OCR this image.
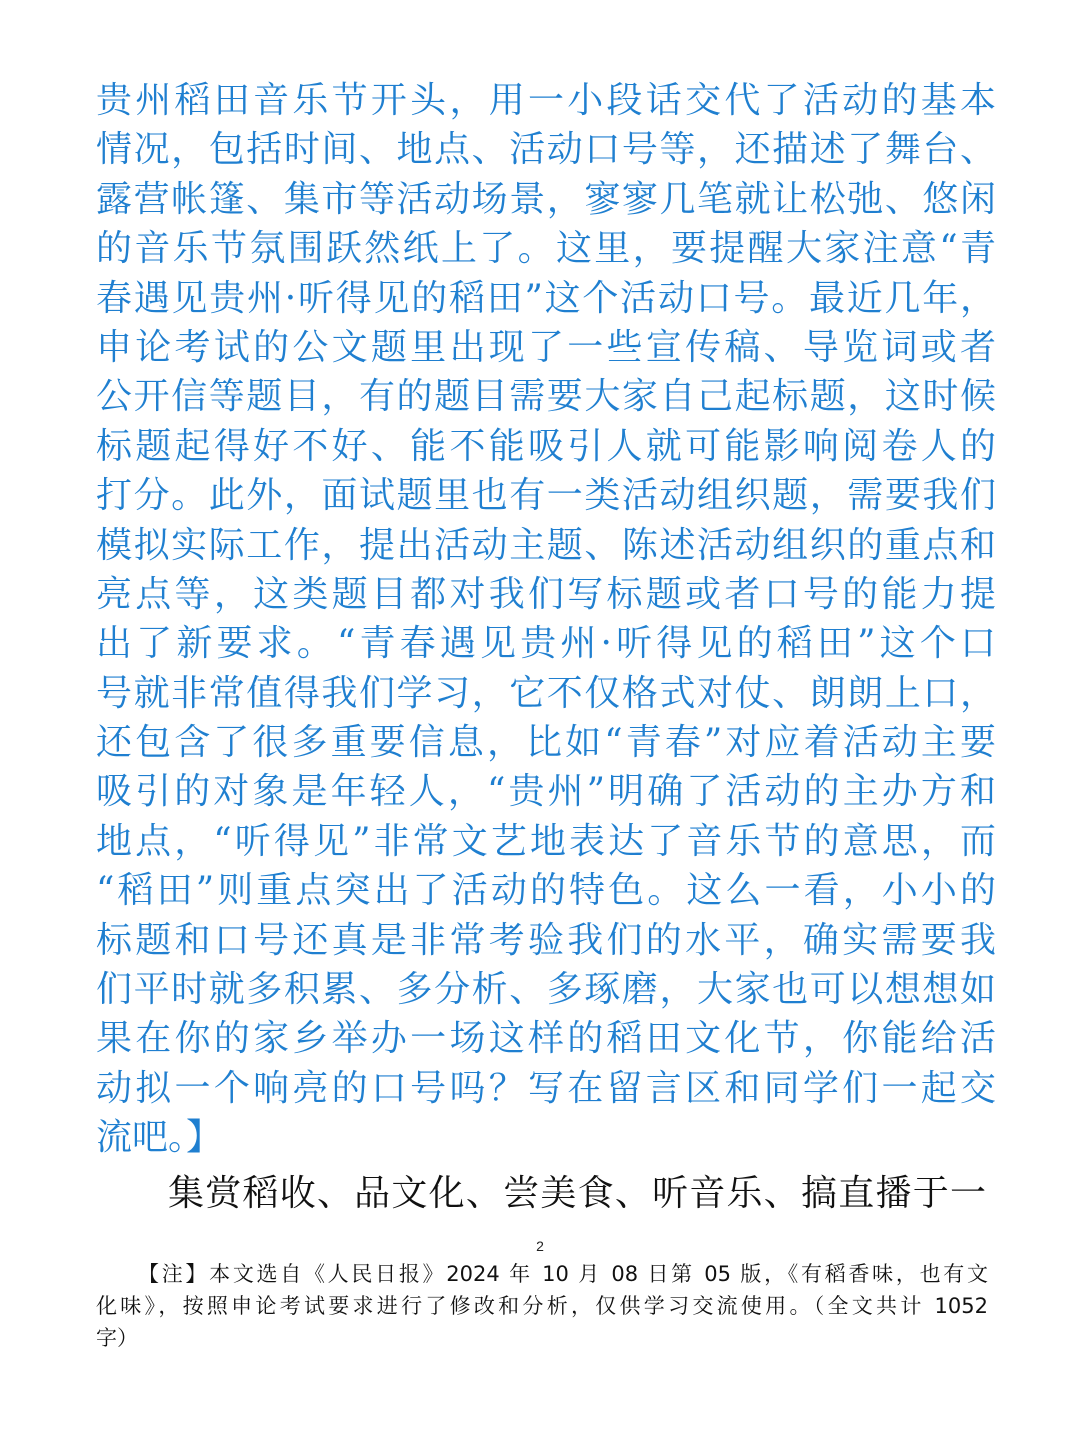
贵州稻田音乐节开头，用一小段话交代了活动的基本
情况，包括时间、地点、活动口号等，还描述了舞台、
露营帐篷、集市等活动场景，寥寥几笔就让松弛、悠闲
的音乐节氛围跃然纸上了。这里，要提醒大家注意“青
春遇见贵州·听得见的稻田”这个活动口号。最近几年，
申论考试的公文题里出现了一些宣传稿、导览词或者
公开信等题目，有的题目需要大家自己起标题，这时候
标题起得好不好、能不能吸引人就可能影响阅卷人的
打分。此外，面试题里也有一类活动组织题，需要我们
模拟实际工作，提出活动主题、陈述活动组织的重点和
亮点等，这类题目都对我们写标题或者口号的能力提
出了新要求。“青春遇见贵州·听得见的稻田”这个口
号就非常值得我们学习，它不仅格式对仗、朗朗上口，
还包含了很多重要信息，比如“青春”对应着活动主要
吸引的对象是年轻人，“贵州”明确了活动的主办方和
地点，“听得见”非常文艺地表达了音乐节的意思，而
“稻田”则重点突出了活动的特色。这么一看，小小的
标题和口号还真是非常考验我们的水平，确实需要我
们平时就多积累、多分析、多琢磨，大家也可以想想如
果在你的家乡举办一场这样的稻田文化节，你能给活
动拟一个响亮的口号吗？写在留言区和同学们一起交
流吧。】
集赏稻收、品文化、尝美食、听音乐、搞直播于一
2
【注】本文选自《人民日报》2024 年 10 月 08 日第 05 版，《有稻香味，也有文
化味》，按照申论考试要求进行了修改和分析，仅供学习交流使用。（全文共计 1052
字）
